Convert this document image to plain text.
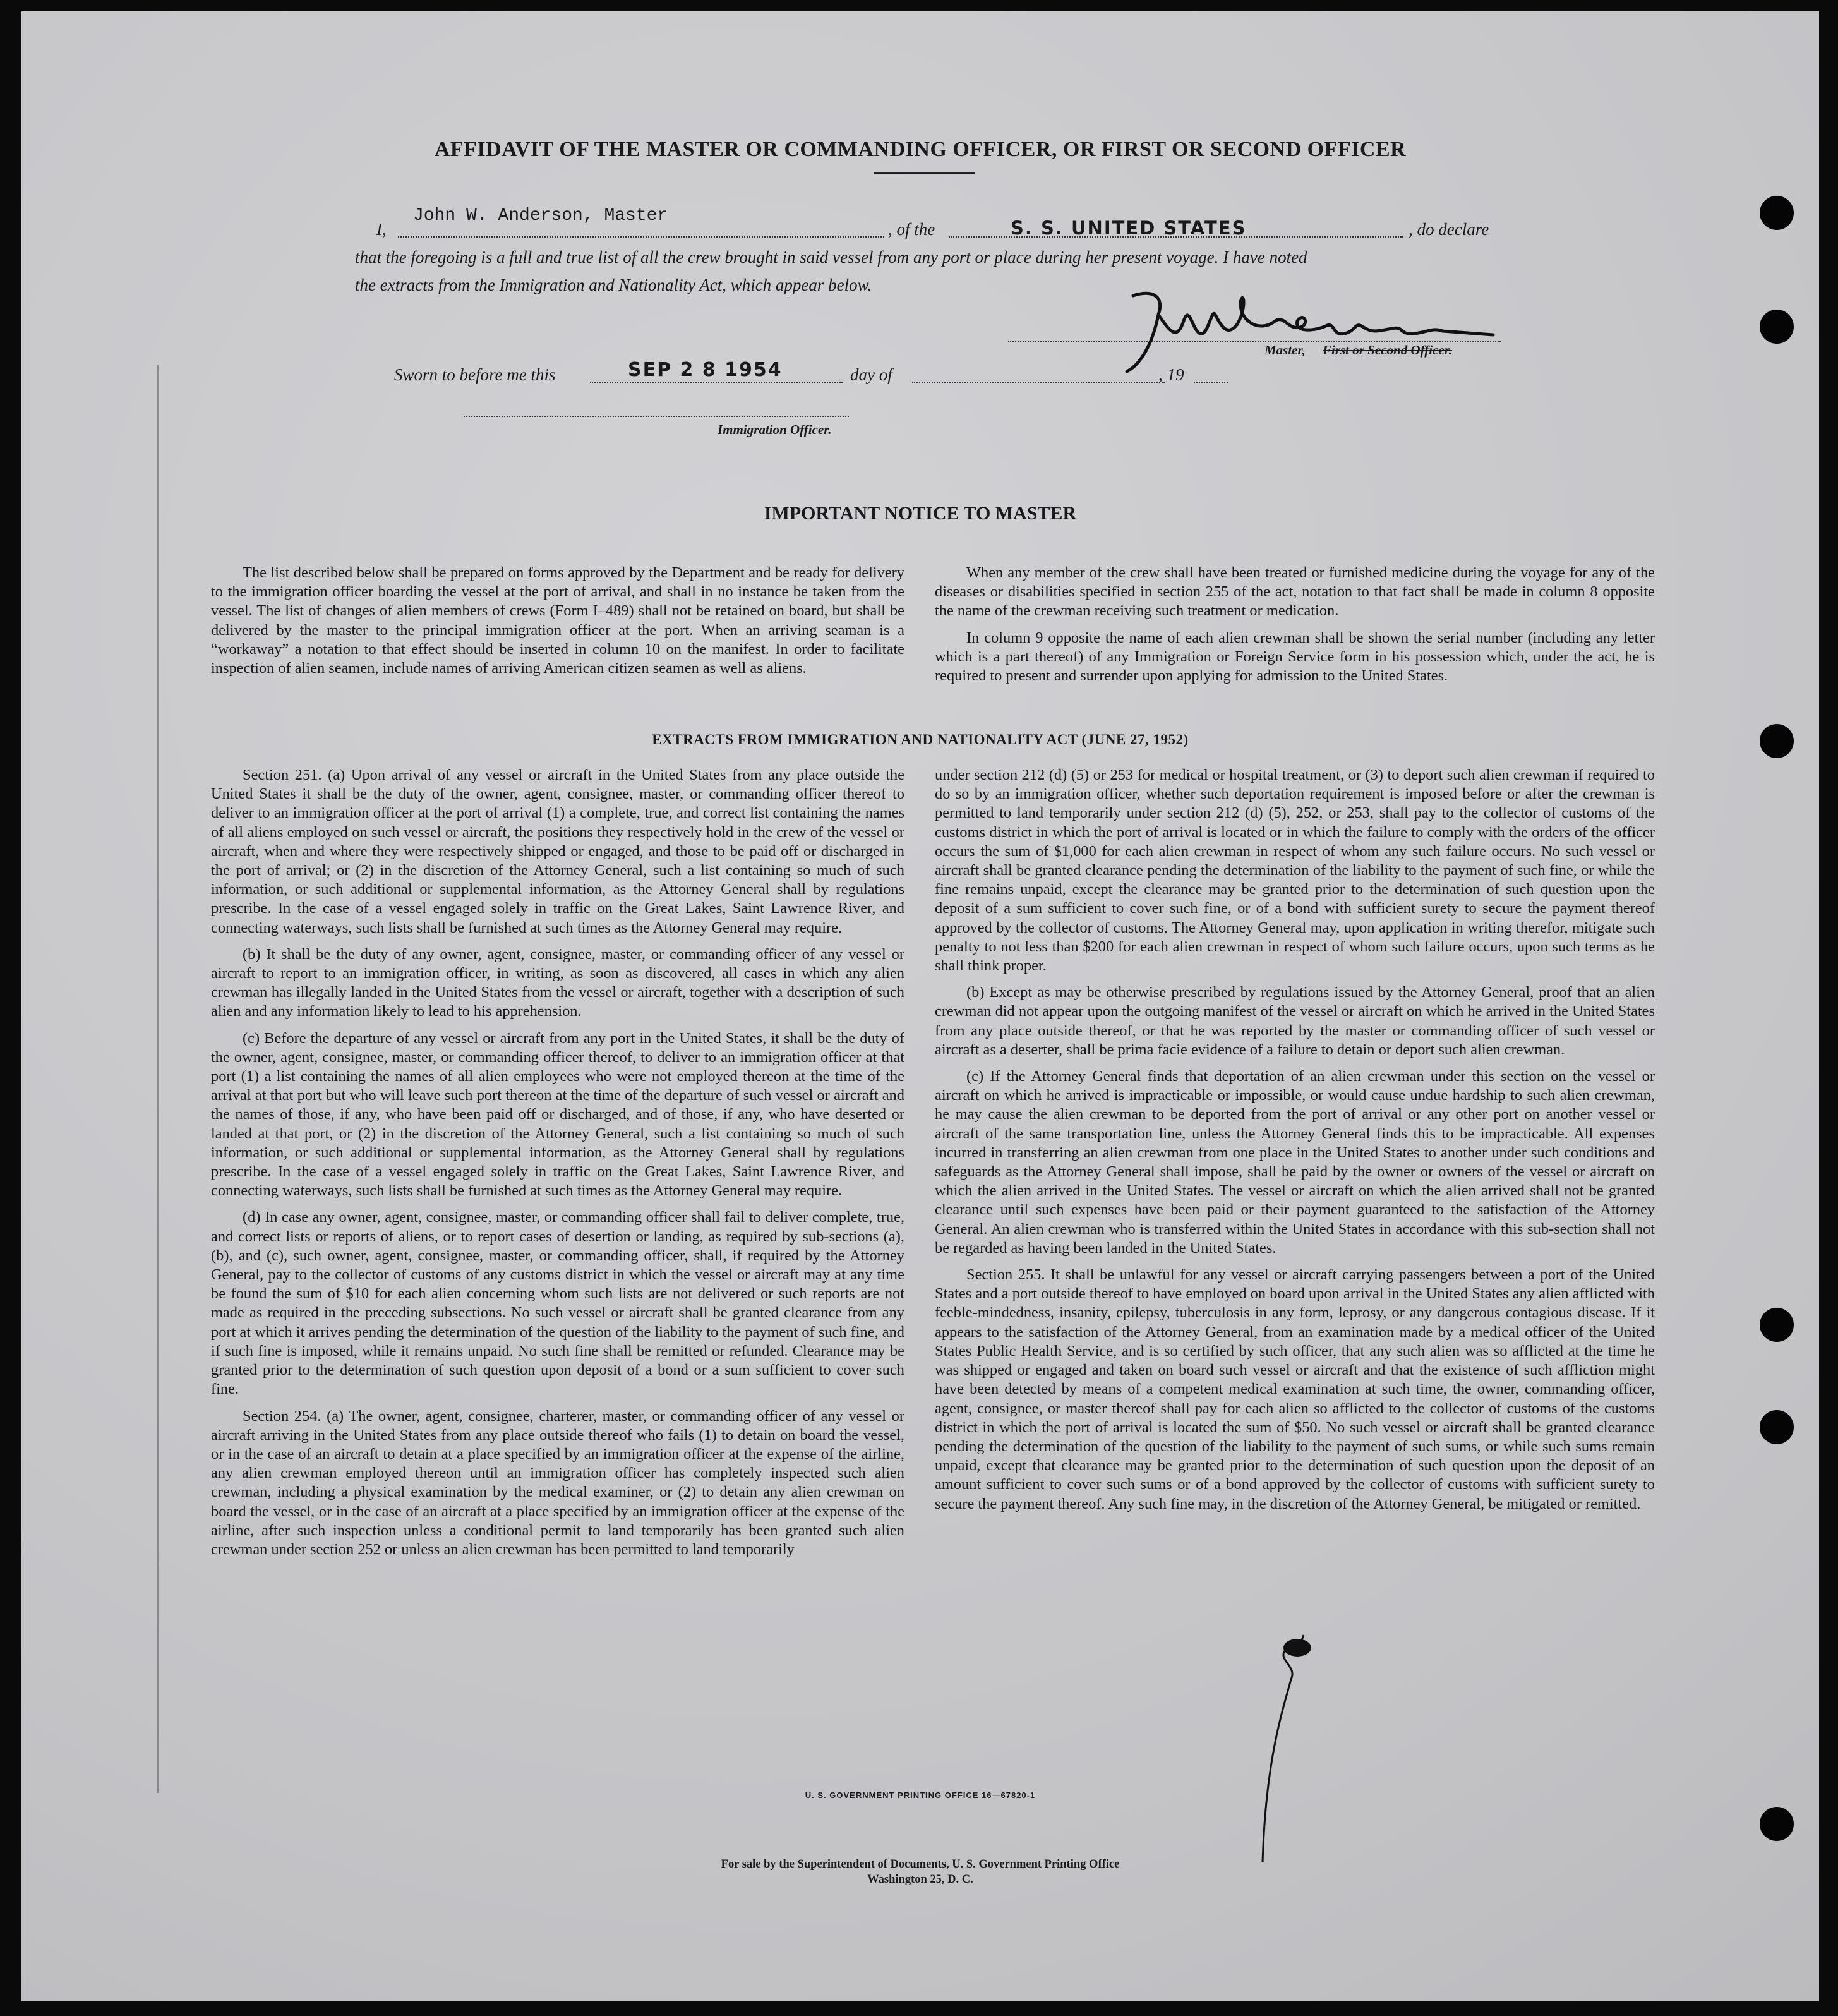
AFFIDAVIT OF THE MASTER OR COMMANDING OFFICER, OR FIRST OR SECOND OFFICER
I,
John W. Anderson, Master
, of the	S. S. UNITED STATES	, do declare
that the foregoing is a full and true list of all the crew brought in said vessel from any port or place during her present voyage. I have noted
the extracts from the Immigration and Nationality Act, which appear below.
Master, First or Second Officer.
Sworn to before me this	SEP 2 8 1954	day of	, 19
Immigration Officer.
IMPORTANT NOTICE TO MASTER

The list described below shall be prepared on forms approved by the Department and be ready for delivery to the immigration officer boarding the vessel at the port of arrival, and shall in no instance be taken from the vessel. The list of changes of alien members of crews (Form I–489) shall not be retained on board, but shall be delivered by the master to the principal immigration officer at the port. When an arriving seaman is a “workaway” a notation to that effect should be inserted in column 10 on the manifest. In order to facilitate inspection of alien seamen, include names of arriving American citizen seamen as well as aliens.

When any member of the crew shall have been treated or furnished medicine during the voyage for any of the diseases or disabilities specified in section 255 of the act, notation to that fact shall be made in column 8 opposite the name of the crewman receiving such treatment or medication.

In column 9 opposite the name of each alien crewman shall be shown the serial number (including any letter which is a part thereof) of any Immigration or Foreign Service form in his possession which, under the act, he is required to present and surrender upon applying for admission to the United States.

EXTRACTS FROM IMMIGRATION AND NATIONALITY ACT (JUNE 27, 1952)

Section 251. (a) Upon arrival of any vessel or aircraft in the United States from any place outside the United States it shall be the duty of the owner, agent, consignee, master, or commanding officer thereof to deliver to an immigration officer at the port of arrival (1) a complete, true, and correct list containing the names of all aliens employed on such vessel or aircraft, the positions they respectively hold in the crew of the vessel or aircraft, when and where they were respectively shipped or engaged, and those to be paid off or discharged in the port of arrival; or (2) in the discretion of the Attorney General, such a list containing so much of such information, or such additional or supplemental information, as the Attorney General shall by regulations prescribe. In the case of a vessel engaged solely in traffic on the Great Lakes, Saint Lawrence River, and connecting waterways, such lists shall be furnished at such times as the Attorney General may require.

(b) It shall be the duty of any owner, agent, consignee, master, or commanding officer of any vessel or aircraft to report to an immigration officer, in writing, as soon as discovered, all cases in which any alien crewman has illegally landed in the United States from the vessel or aircraft, together with a description of such alien and any information likely to lead to his apprehension.

(c) Before the departure of any vessel or aircraft from any port in the United States, it shall be the duty of the owner, agent, consignee, master, or commanding officer thereof, to deliver to an immigration officer at that port (1) a list containing the names of all alien employees who were not employed thereon at the time of the arrival at that port but who will leave such port thereon at the time of the departure of such vessel or aircraft and the names of those, if any, who have been paid off or discharged, and of those, if any, who have deserted or landed at that port, or (2) in the discretion of the Attorney General, such a list containing so much of such information, or such additional or supplemental information, as the Attorney General shall by regulations prescribe. In the case of a vessel engaged solely in traffic on the Great Lakes, Saint Lawrence River, and connecting waterways, such lists shall be furnished at such times as the Attorney General may require.

(d) In case any owner, agent, consignee, master, or commanding officer shall fail to deliver complete, true, and correct lists or reports of aliens, or to report cases of desertion or landing, as required by sub-sections (a), (b), and (c), such owner, agent, consignee, master, or commanding officer, shall, if required by the Attorney General, pay to the collector of customs of any customs district in which the vessel or aircraft may at any time be found the sum of $10 for each alien concerning whom such lists are not delivered or such reports are not made as required in the preceding subsections. No such vessel or aircraft shall be granted clearance from any port at which it arrives pending the determination of the question of the liability to the payment of such fine, and if such fine is imposed, while it remains unpaid. No such fine shall be remitted or refunded. Clearance may be granted prior to the determination of such question upon deposit of a bond or a sum sufficient to cover such fine.

Section 254. (a) The owner, agent, consignee, charterer, master, or commanding officer of any vessel or aircraft arriving in the United States from any place outside thereof who fails (1) to detain on board the vessel, or in the case of an aircraft to detain at a place specified by an immigration officer at the expense of the airline, any alien crewman employed thereon until an immigration officer has completely inspected such alien crewman, including a physical examination by the medical examiner, or (2) to detain any alien crewman on board the vessel, or in the case of an aircraft at a place specified by an immigration officer at the expense of the airline, after such inspection unless a conditional permit to land temporarily has been granted such alien crewman under section 252 or unless an alien crewman has been permitted to land temporarily

under section 212 (d) (5) or 253 for medical or hospital treatment, or (3) to deport such alien crewman if required to do so by an immigration officer, whether such deportation requirement is imposed before or after the crewman is permitted to land temporarily under section 212 (d) (5), 252, or 253, shall pay to the collector of customs of the customs district in which the port of arrival is located or in which the failure to comply with the orders of the officer occurs the sum of $1,000 for each alien crewman in respect of whom any such failure occurs. No such vessel or aircraft shall be granted clearance pending the determination of the liability to the payment of such fine, or while the fine remains unpaid, except the clearance may be granted prior to the determination of such question upon the deposit of a sum sufficient to cover such fine, or of a bond with sufficient surety to secure the payment thereof approved by the collector of customs. The Attorney General may, upon application in writing therefor, mitigate such penalty to not less than $200 for each alien crewman in respect of whom such failure occurs, upon such terms as he shall think proper.

(b) Except as may be otherwise prescribed by regulations issued by the Attorney General, proof that an alien crewman did not appear upon the outgoing manifest of the vessel or aircraft on which he arrived in the United States from any place outside thereof, or that he was reported by the master or commanding officer of such vessel or aircraft as a deserter, shall be prima facie evidence of a failure to detain or deport such alien crewman.

(c) If the Attorney General finds that deportation of an alien crewman under this section on the vessel or aircraft on which he arrived is impracticable or impossible, or would cause undue hardship to such alien crewman, he may cause the alien crewman to be deported from the port of arrival or any other port on another vessel or aircraft of the same transportation line, unless the Attorney General finds this to be impracticable. All expenses incurred in transferring an alien crewman from one place in the United States to another under such conditions and safeguards as the Attorney General shall impose, shall be paid by the owner or owners of the vessel or aircraft on which the alien arrived in the United States. The vessel or aircraft on which the alien arrived shall not be granted clearance until such expenses have been paid or their payment guaranteed to the satisfaction of the Attorney General. An alien crewman who is transferred within the United States in accordance with this sub-section shall not be regarded as having been landed in the United States.

Section 255. It shall be unlawful for any vessel or aircraft carrying passengers between a port of the United States and a port outside thereof to have employed on board upon arrival in the United States any alien afflicted with feeble-mindedness, insanity, epilepsy, tuberculosis in any form, leprosy, or any dangerous contagious disease. If it appears to the satisfaction of the Attorney General, from an examination made by a medical officer of the United States Public Health Service, and is so certified by such officer, that any such alien was so afflicted at the time he was shipped or engaged and taken on board such vessel or aircraft and that the existence of such affliction might have been detected by means of a competent medical examination at such time, the owner, commanding officer, agent, consignee, or master thereof shall pay for each alien so afflicted to the collector of customs of the customs district in which the port of arrival is located the sum of $50. No such vessel or aircraft shall be granted clearance pending the determination of the question of the liability to the payment of such sums, or while such sums remain unpaid, except that clearance may be granted prior to the determination of such question upon the deposit of an amount sufficient to cover such sums or of a bond approved by the collector of customs with sufficient surety to secure the payment thereof. Any such fine may, in the discretion of the Attorney General, be mitigated or remitted.

U. S. GOVERNMENT PRINTING OFFICE 16—67820-1
For sale by the Superintendent of Documents, U. S. Government Printing Office
Washington 25, D. C.
